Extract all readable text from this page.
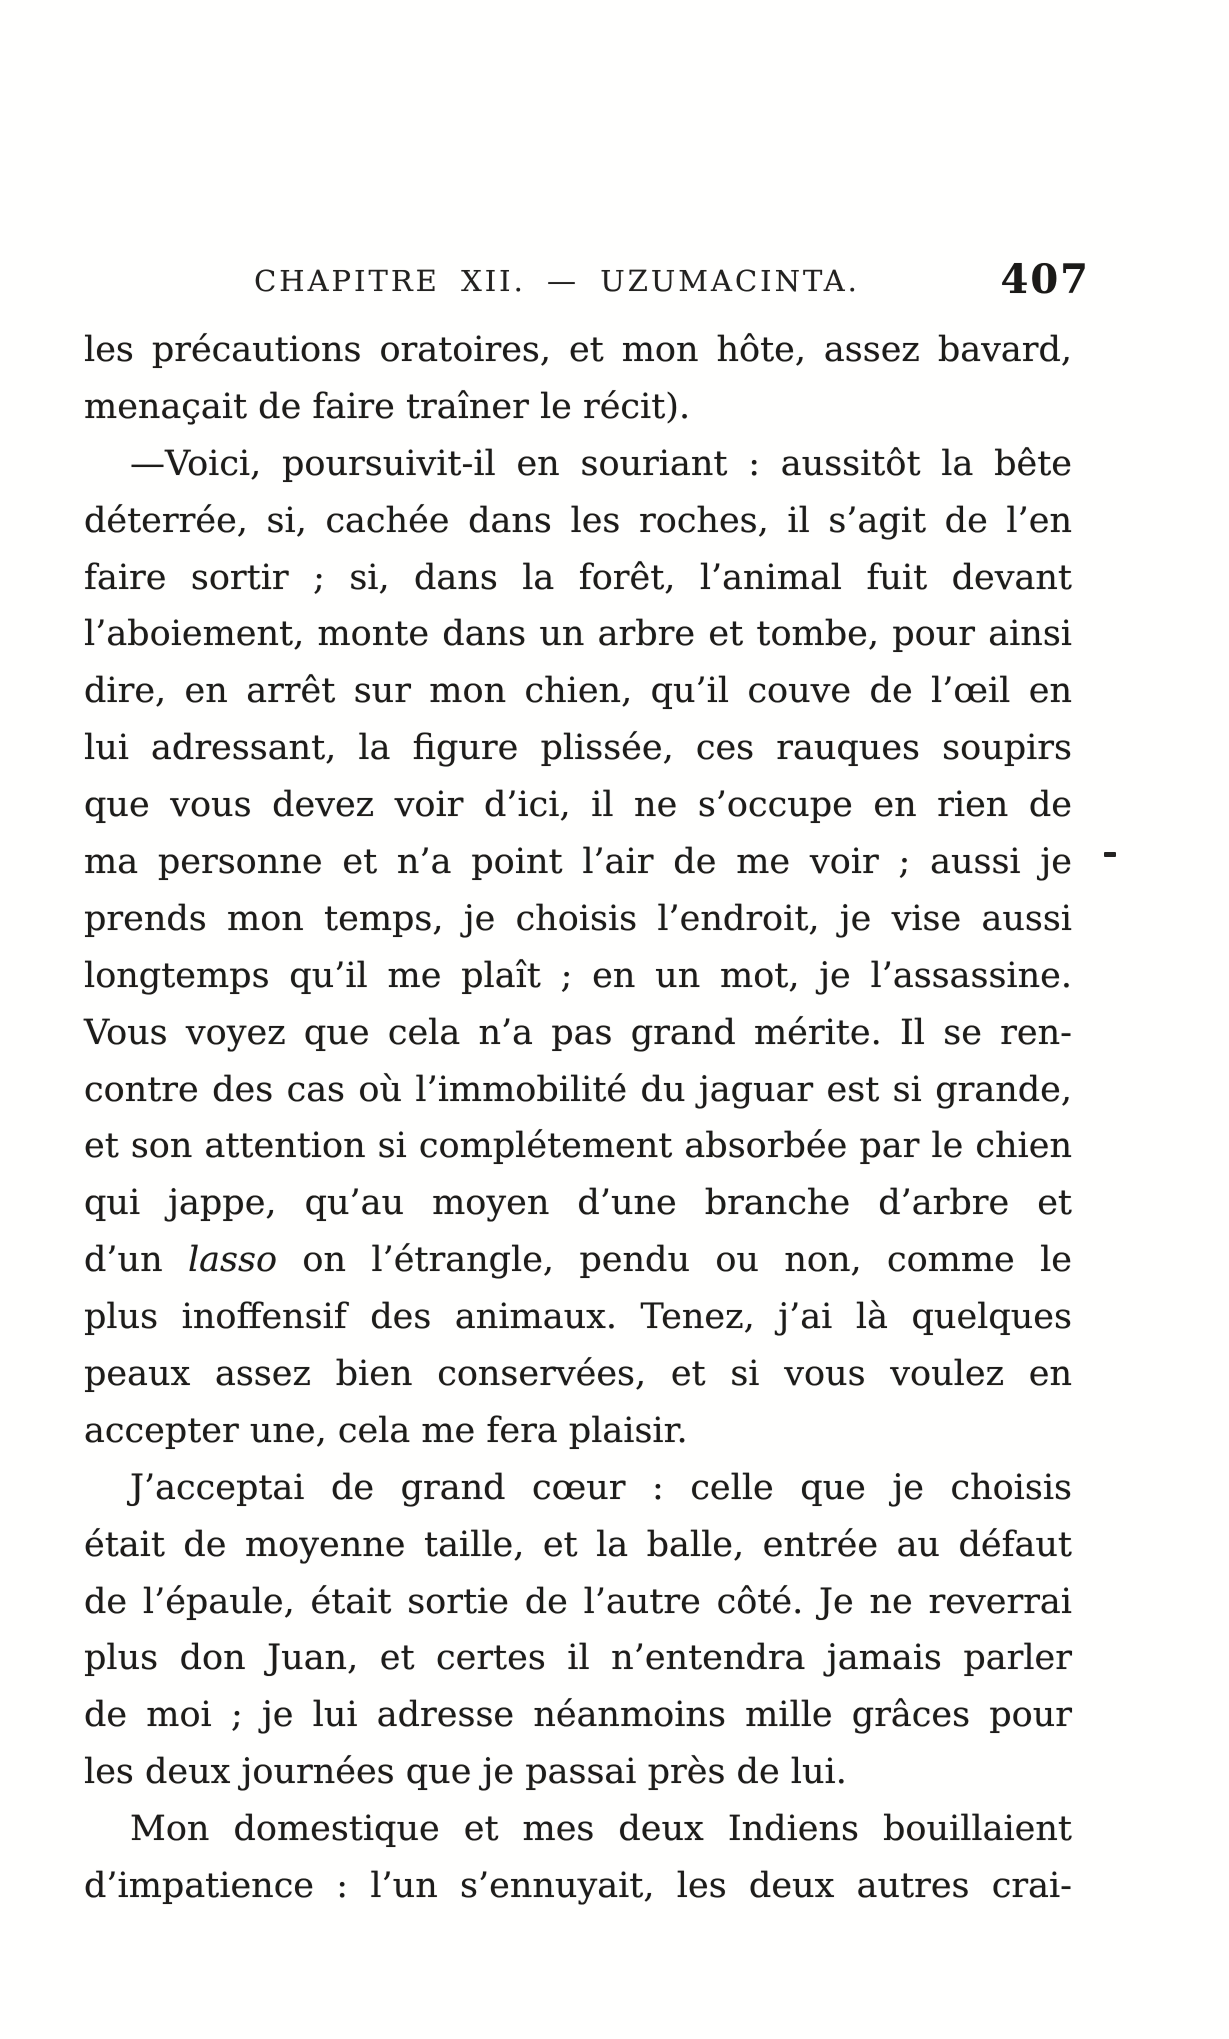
CHAPITRE XII. — UZUMACINTA.	407
les précautions oratoires, et mon hôte, assez bavard,
menaçait de faire traîner le récit).
—Voici, poursuivit-il en souriant : aussitôt la bête
déterrée, si, cachée dans les roches, il s’agit de l’en
faire sortir ; si, dans la forêt, l’animal fuit devant
l’aboiement, monte dans un arbre et tombe, pour ainsi
dire, en arrêt sur mon chien, qu’il couve de l’œil en
lui adressant, la figure plissée, ces rauques soupirs
que vous devez voir d’ici, il ne s’occupe en rien de
ma personne et n’a point l’air de me voir ; aussi je
prends mon temps, je choisis l’endroit, je vise aussi
longtemps qu’il me plaît ; en un mot, je l’assassine.
Vous voyez que cela n’a pas grand mérite. Il se ren-
contre des cas où l’immobilité du jaguar est si grande,
et son attention si complétement absorbée par le chien
qui jappe, qu’au moyen d’une branche d’arbre et
d’un lasso on l’étrangle, pendu ou non, comme le
plus inoffensif des animaux. Tenez, j’ai là quelques
peaux assez bien conservées, et si vous voulez en
accepter une, cela me fera plaisir.
J’acceptai de grand cœur : celle que je choisis
était de moyenne taille, et la balle, entrée au défaut
de l’épaule, était sortie de l’autre côté. Je ne reverrai
plus don Juan, et certes il n’entendra jamais parler
de moi ; je lui adresse néanmoins mille grâces pour
les deux journées que je passai près de lui.
Mon domestique et mes deux Indiens bouillaient
d’impatience : l’un s’ennuyait, les deux autres crai-
